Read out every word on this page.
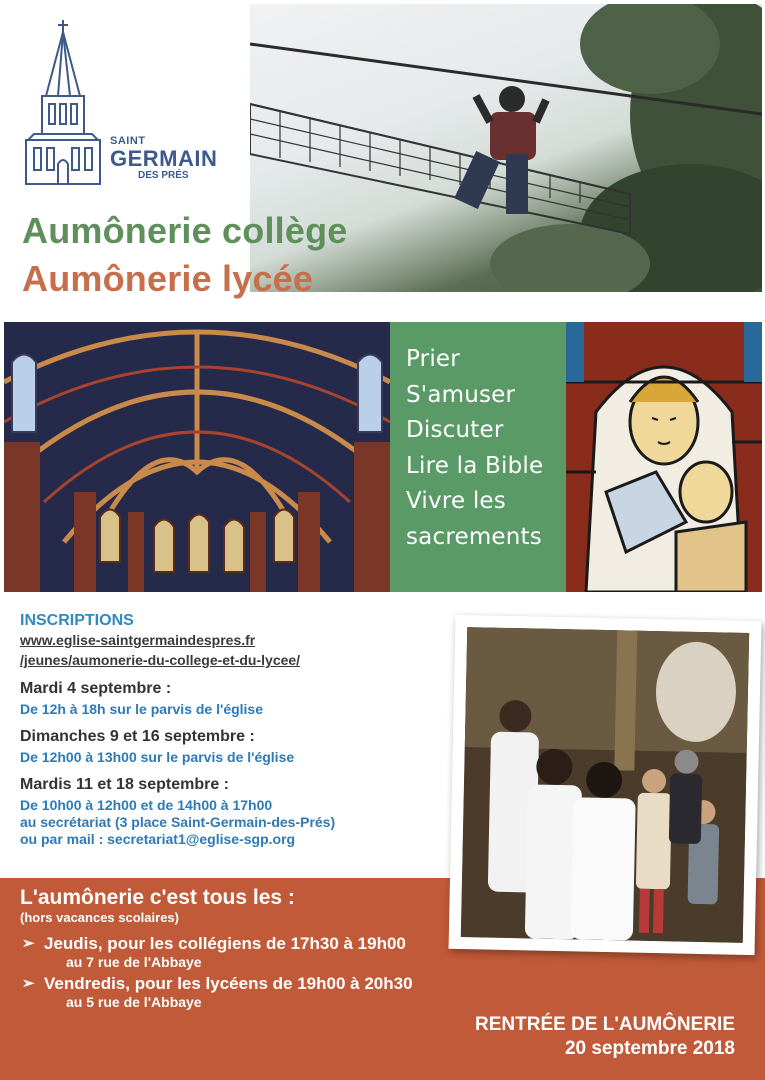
SAINT
GERMAIN
DES PRÉS
Aumônerie collège
Aumônerie lycée
Prier
S'amuser
Discuter
Lire la Bible
Vivre les
sacrements
INSCRIPTIONS
www.eglise-saintgermaindespres.fr
/jeunes/aumonerie-du-college-et-du-lycee/
Mardi 4 septembre :
De 12h à 18h sur le parvis de l'église
Dimanches 9 et 16 septembre :
De 12h00 à 13h00 sur le parvis de l'église
Mardis 11 et 18 septembre :
De 10h00 à 12h00 et de 14h00 à 17h00
au secrétariat (3 place Saint-Germain-des-Prés)
ou par mail : secretariat1@eglise-sgp.org
L'aumônerie c'est tous les :
(hors vacances scolaires)
➢ Jeudis, pour les collégiens de 17h30 à 19h00
au 7 rue de l'Abbaye
➢ Vendredis, pour les lycéens de 19h00 à 20h30
au 5 rue de l'Abbaye
RENTRÉE DE L'AUMÔNERIE
20 septembre 2018
